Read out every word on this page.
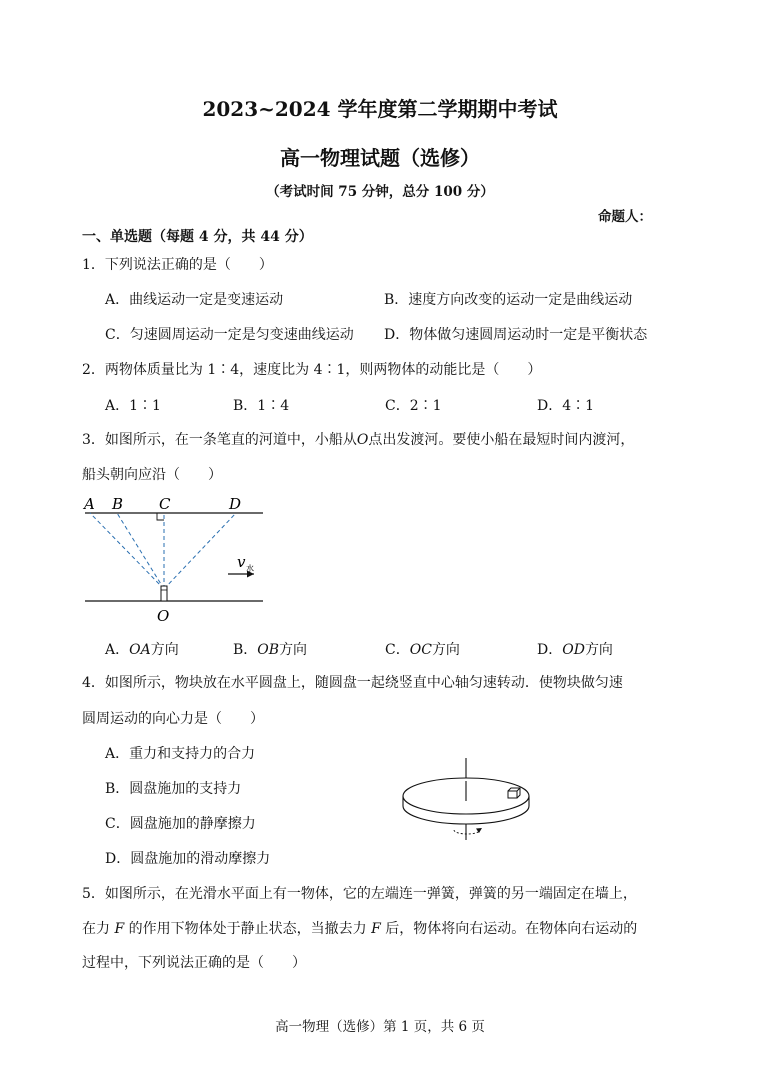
2023~2024 学年度第二学期期中考试
高一物理试题（选修）
（考试时间 75 分钟，总分 100 分）
命题人：
一、单选题（每题 4 分，共 44 分）
1．下列说法正确的是（　　）
A．曲线运动一定是变速运动	B．速度方向改变的运动一定是曲线运动
C．匀速圆周运动一定是匀变速曲线运动 D．物体做匀速圆周运动时一定是平衡状态
2．两物体质量比为 1∶4，速度比为 4∶1，则两物体的动能比是（　　）
A．1∶1	B．1∶4	C．2∶1	D．4∶1
3．如图所示，在一条笔直的河道中，小船从O点出发渡河。要使小船在最短时间内渡河，
船头朝向应沿（　　）
A B C	D
O
v 水
A．OA方向	B．OB方向	C．OC方向	D．OD方向
4．如图所示，物块放在水平圆盘上，随圆盘一起绕竖直中心轴匀速转动．使物块做匀速
圆周运动的向心力是（　　）
A．重力和支持力的合力
B．圆盘施加的支持力
C．圆盘施加的静摩擦力
D．圆盘施加的滑动摩擦力
5．如图所示，在光滑水平面上有一物体，它的左端连一弹簧，弹簧的另一端固定在墙上，
在力 F 的作用下物体处于静止状态，当撤去力 F 后，物体将向右运动。在物体向右运动的
过程中，下列说法正确的是（　　）
高一物理（选修）第 1 页，共 6 页
